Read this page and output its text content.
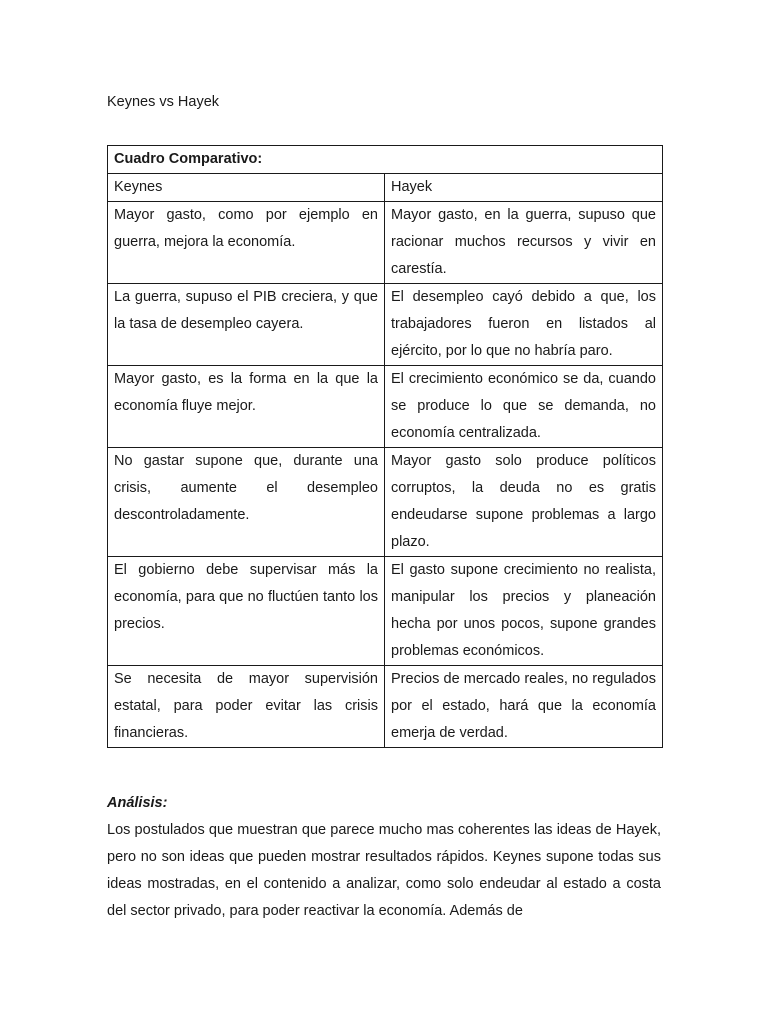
Keynes vs Hayek
Cuadro Comparativo:	
Keynes	Hayek
Mayor gasto, como por ejemplo en guerra, mejora la economía.	Mayor gasto, en la guerra, supuso que racionar muchos recursos y vivir en carestía.
La guerra, supuso el PIB creciera, y que la tasa de desempleo cayera.	El desempleo cayó debido a que, los trabajadores fueron en listados al ejército, por lo que no habría paro.
Mayor gasto, es la forma en la que la economía fluye mejor.	El crecimiento económico se da, cuando se produce lo que se demanda, no economía centralizada.
No gastar supone que, durante una crisis, aumente el desempleo descontroladamente.	Mayor gasto solo produce políticos corruptos, la deuda no es gratis endeudarse supone problemas a largo plazo.
El gobierno debe supervisar más la economía, para que no fluctúen tanto los precios.	El gasto supone crecimiento no realista, manipular los precios y planeación hecha por unos pocos, supone grandes problemas económicos.
Se necesita de mayor supervisión estatal, para poder evitar las crisis financieras.	Precios de mercado reales, no regulados por el estado, hará que la economía emerja de verdad.

Análisis:

Los postulados que muestran que parece mucho mas coherentes las ideas de Hayek, pero no son ideas que pueden mostrar resultados rápidos. Keynes supone todas sus ideas mostradas, en el contenido a analizar, como solo endeudar al estado a costa del sector privado, para poder reactivar la economía. Además de
